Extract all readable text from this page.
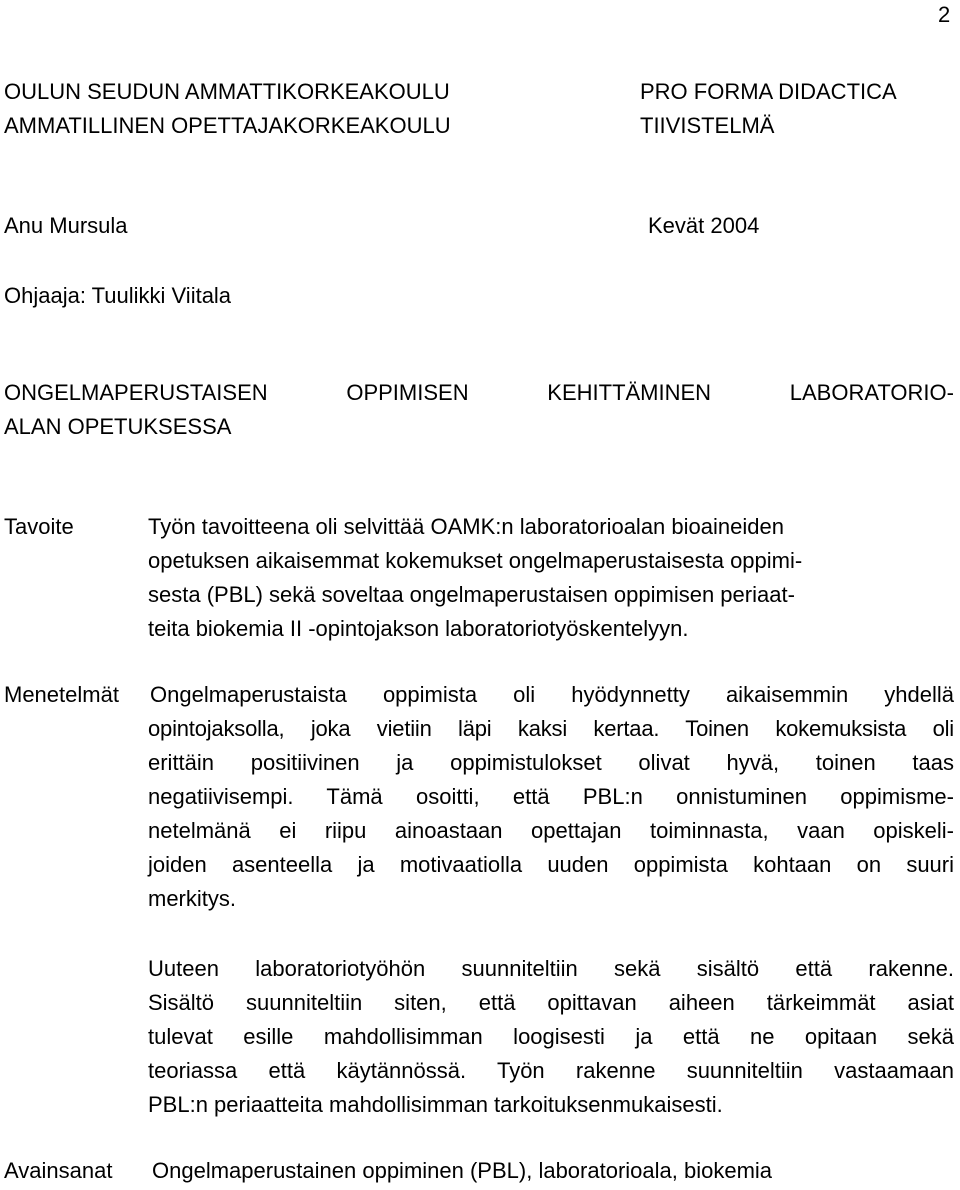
2
OULUN SEUDUN AMMATTIKORKEAKOULU
AMMATILLINEN OPETTAJAKORKEAKOULU
PRO FORMA DIDACTICA
TIIVISTELMÄ
Anu Mursula	Kevät 2004
Ohjaaja: Tuulikki Viitala
ONGELMAPERUSTAISEN	OPPIMISEN	KEHITTÄMINEN	LABORATORIO-
ALAN OPETUKSESSA
Tavoite	Työn tavoitteena oli selvittää OAMK:n laboratorioalan bioaineiden
opetuksen aikaisemmat kokemukset ongelmaperustaisesta oppimi-
sesta (PBL) sekä soveltaa ongelmaperustaisen oppimisen periaat-
teita biokemia II -opintojakson laboratoriotyöskentelyyn.
Menetelmät Ongelmaperustaista oppimista oli hyödynnetty aikaisemmin yhdellä
opintojaksolla, joka vietiin läpi kaksi kertaa. Toinen kokemuksista oli
erittäin positiivinen ja oppimistulokset olivat hyvä, toinen taas
negatiivisempi. Tämä osoitti, että PBL:n onnistuminen oppimisme-
netelmänä ei riipu ainoastaan opettajan toiminnasta, vaan opiskeli-
joiden asenteella ja motivaatiolla uuden oppimista kohtaan on suuri
merkitys.
Uuteen laboratoriotyöhön suunniteltiin sekä sisältö että rakenne.
Sisältö suunniteltiin siten, että opittavan aiheen tärkeimmät asiat
tulevat esille mahdollisimman loogisesti ja että ne opitaan sekä
teoriassa että käytännössä. Työn rakenne suunniteltiin vastaamaan
PBL:n periaatteita mahdollisimman tarkoituksenmukaisesti.
Avainsanat Ongelmaperustainen oppiminen (PBL), laboratorioala, biokemia
